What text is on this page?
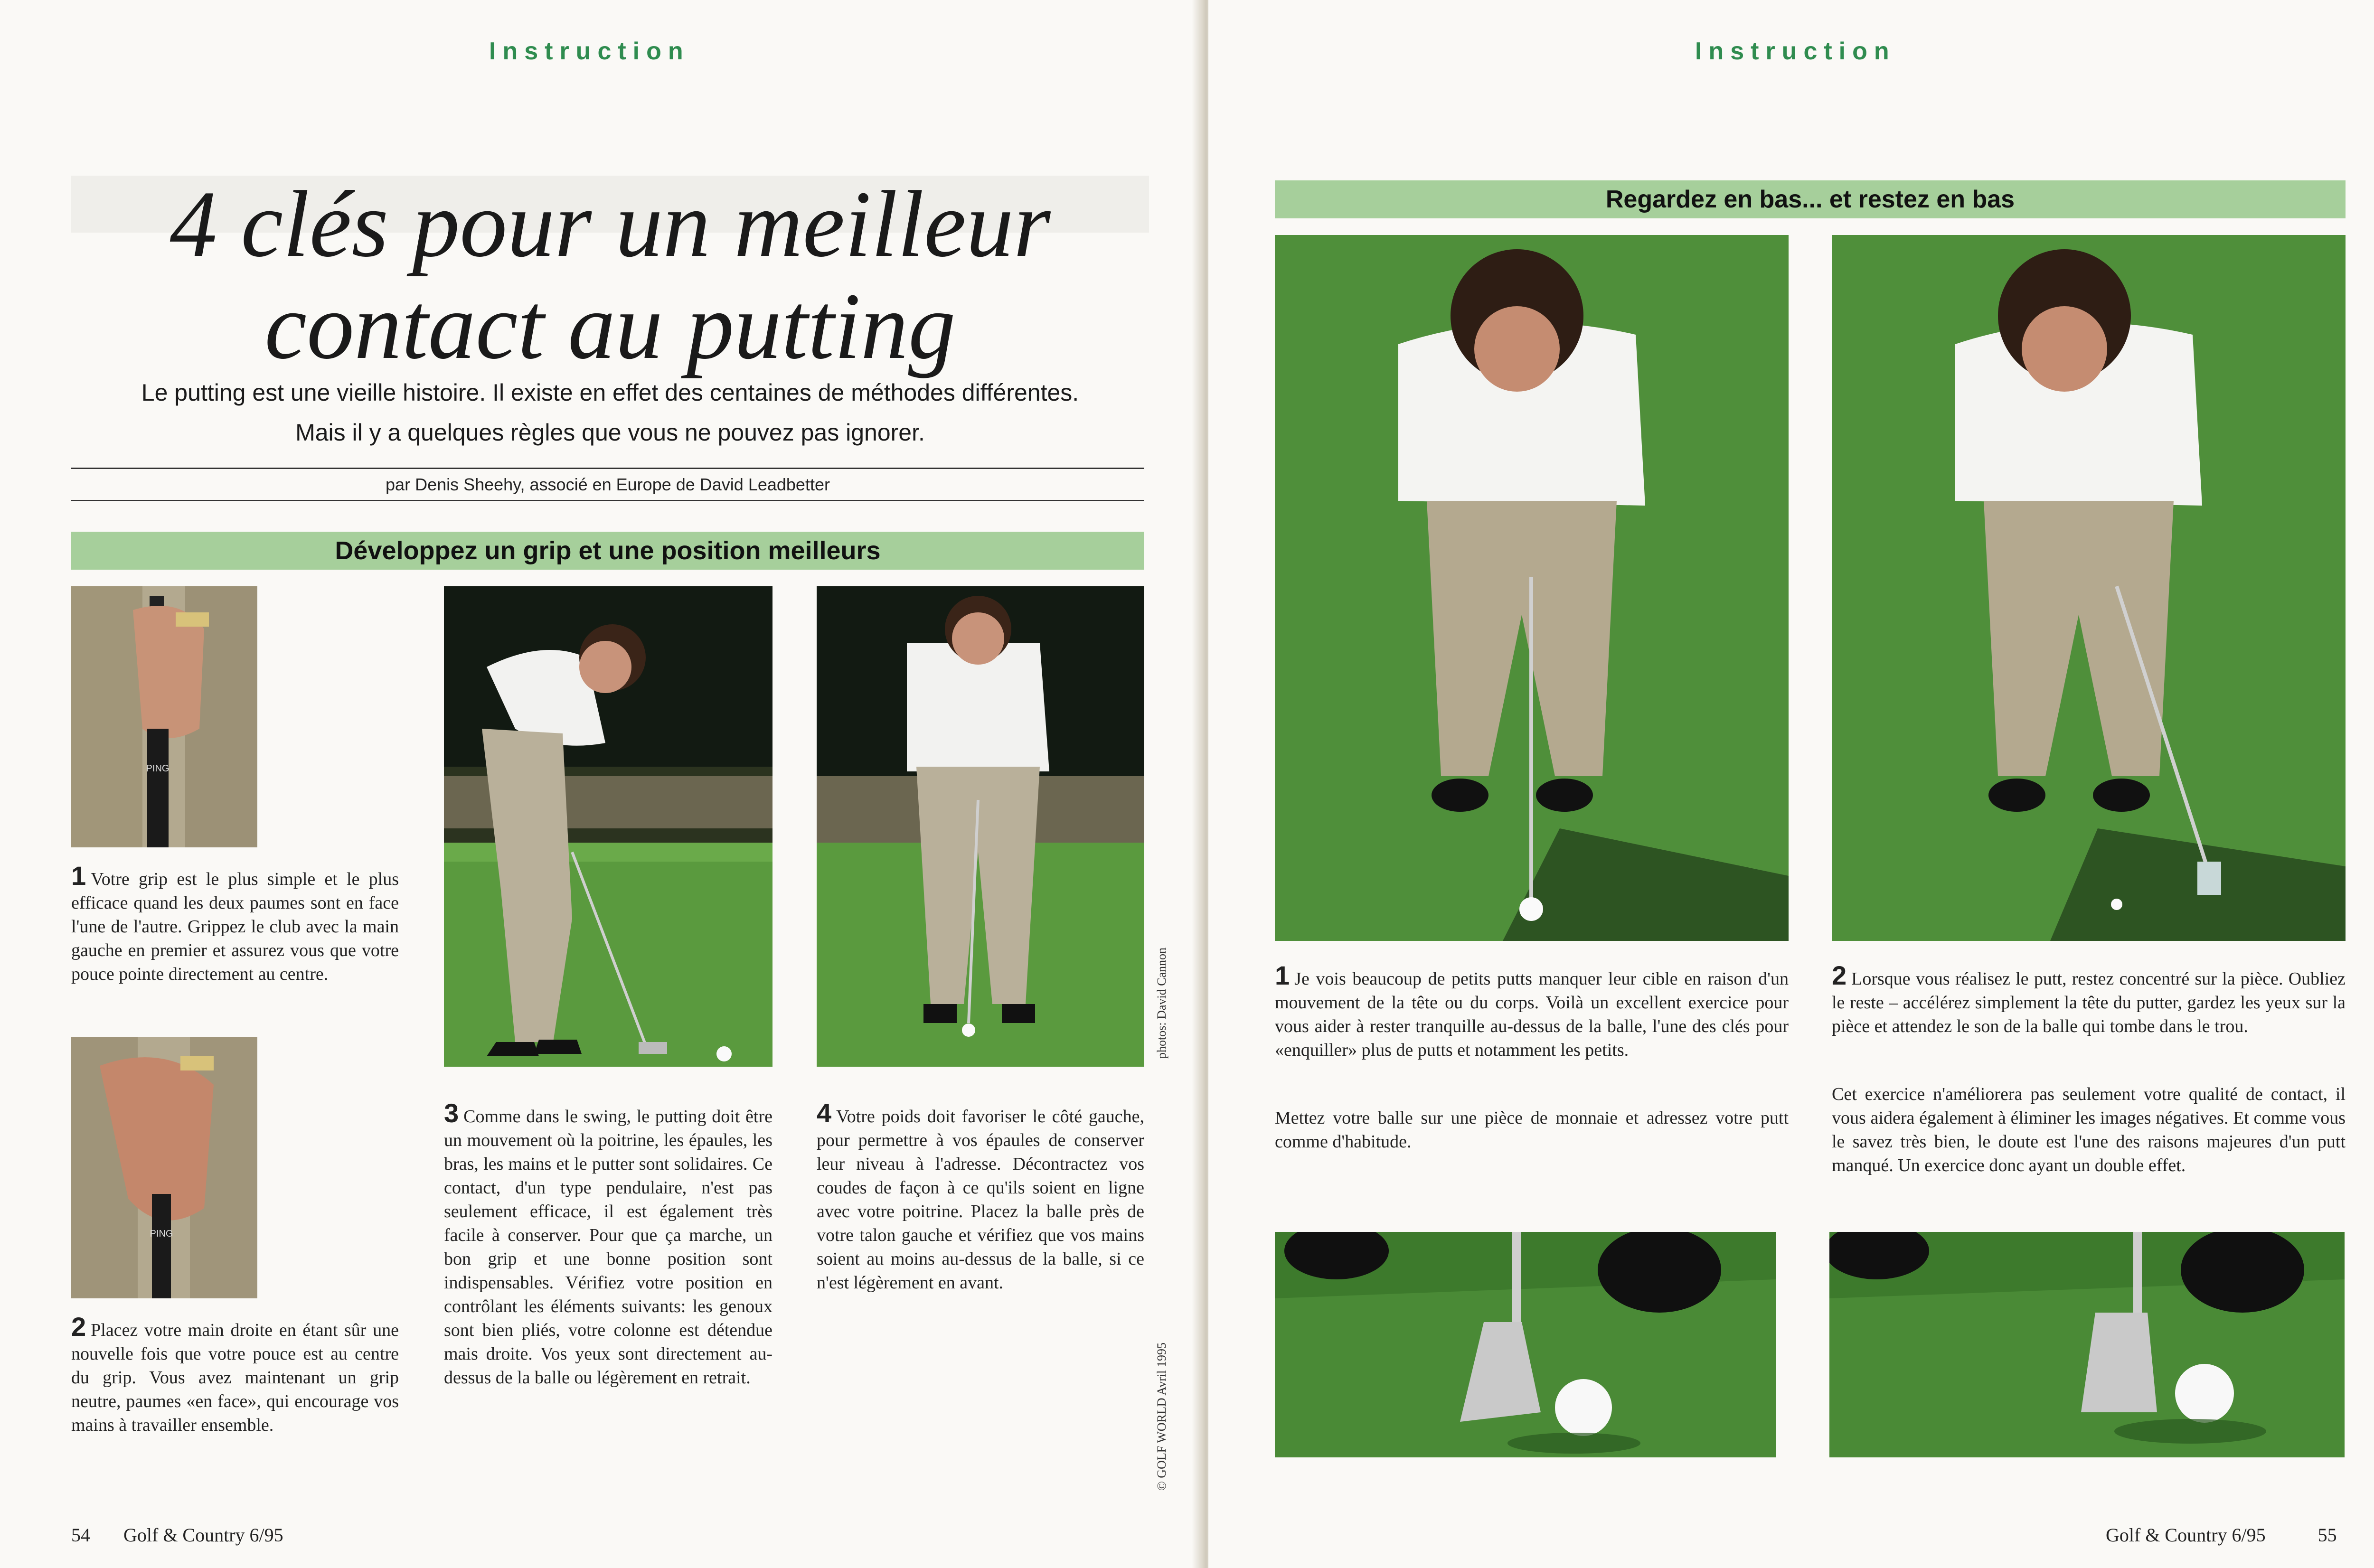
Instruction
4 clés pour un meilleur
contact au putting
Le putting est une vieille histoire. Il existe en effet des centaines de méthodes différentes.
Mais il y a quelques règles que vous ne pouvez pas ignorer.
par Denis Sheehy, associé en Europe de David Leadbetter
Développez un grip et une position meilleurs
PING
1 Votre grip est le plus simple et le plus efficace quand les deux paumes sont en face l'une de l'autre. Grippez le club avec la main gauche en premier et assurez vous que votre pouce pointe directement au centre.
PING
2 Placez votre main droite en étant sûr une nouvelle fois que votre pouce est au centre du grip. Vous avez maintenant un grip neutre, paumes «en face», qui encourage vos mains à travailler ensemble.
3 Comme dans le swing, le putting doit être un mouvement où la poitrine, les épaules, les bras, les mains et le putter sont solidaires. Ce contact, d'un type pendulaire, n'est pas seulement efficace, il est également très facile à conserver. Pour que ça marche, un bon grip et une bonne position sont indispensables. Vérifiez votre position en contrôlant les éléments suivants: les genoux sont bien pliés, votre colonne est détendue mais droite. Vos yeux sont directement au-dessus de la balle ou légèrement en retrait.
4 Votre poids doit favoriser le côté gauche, pour permettre à vos épaules de conserver leur niveau à l'adresse. Décontractez vos coudes de façon à ce qu'ils soient en ligne avec votre poitrine. Placez la balle près de votre talon gauche et vérifiez que vos mains soient au moins au-dessus de la balle, si ce n'est légèrement en avant.
photos: David Cannon
© GOLF WORLD Avril 1995
54 Golf & Country 6/95
Instruction
Regardez en bas... et restez en bas
1 Je vois beaucoup de petits putts manquer leur cible en raison d'un mouvement de la tête ou du corps. Voilà un excellent exercice pour vous aider à rester tranquille au-dessus de la balle, l'une des clés pour «enquiller» plus de putts et notamment les petits.
Mettez votre balle sur une pièce de monnaie et adressez votre putt comme d'habitude.
2 Lorsque vous réalisez le putt, restez concentré sur la pièce. Oubliez le reste – accélérez simplement la tête du putter, gardez les yeux sur la pièce et attendez le son de la balle qui tombe dans le trou.
Cet exercice n'améliorera pas seulement votre qualité de contact, il vous aidera également à éliminer les images négatives. Et comme vous le savez très bien, le doute est l'une des raisons majeures d'un putt manqué. Un exercice donc ayant un double effet.
Golf & Country 6/95	55
